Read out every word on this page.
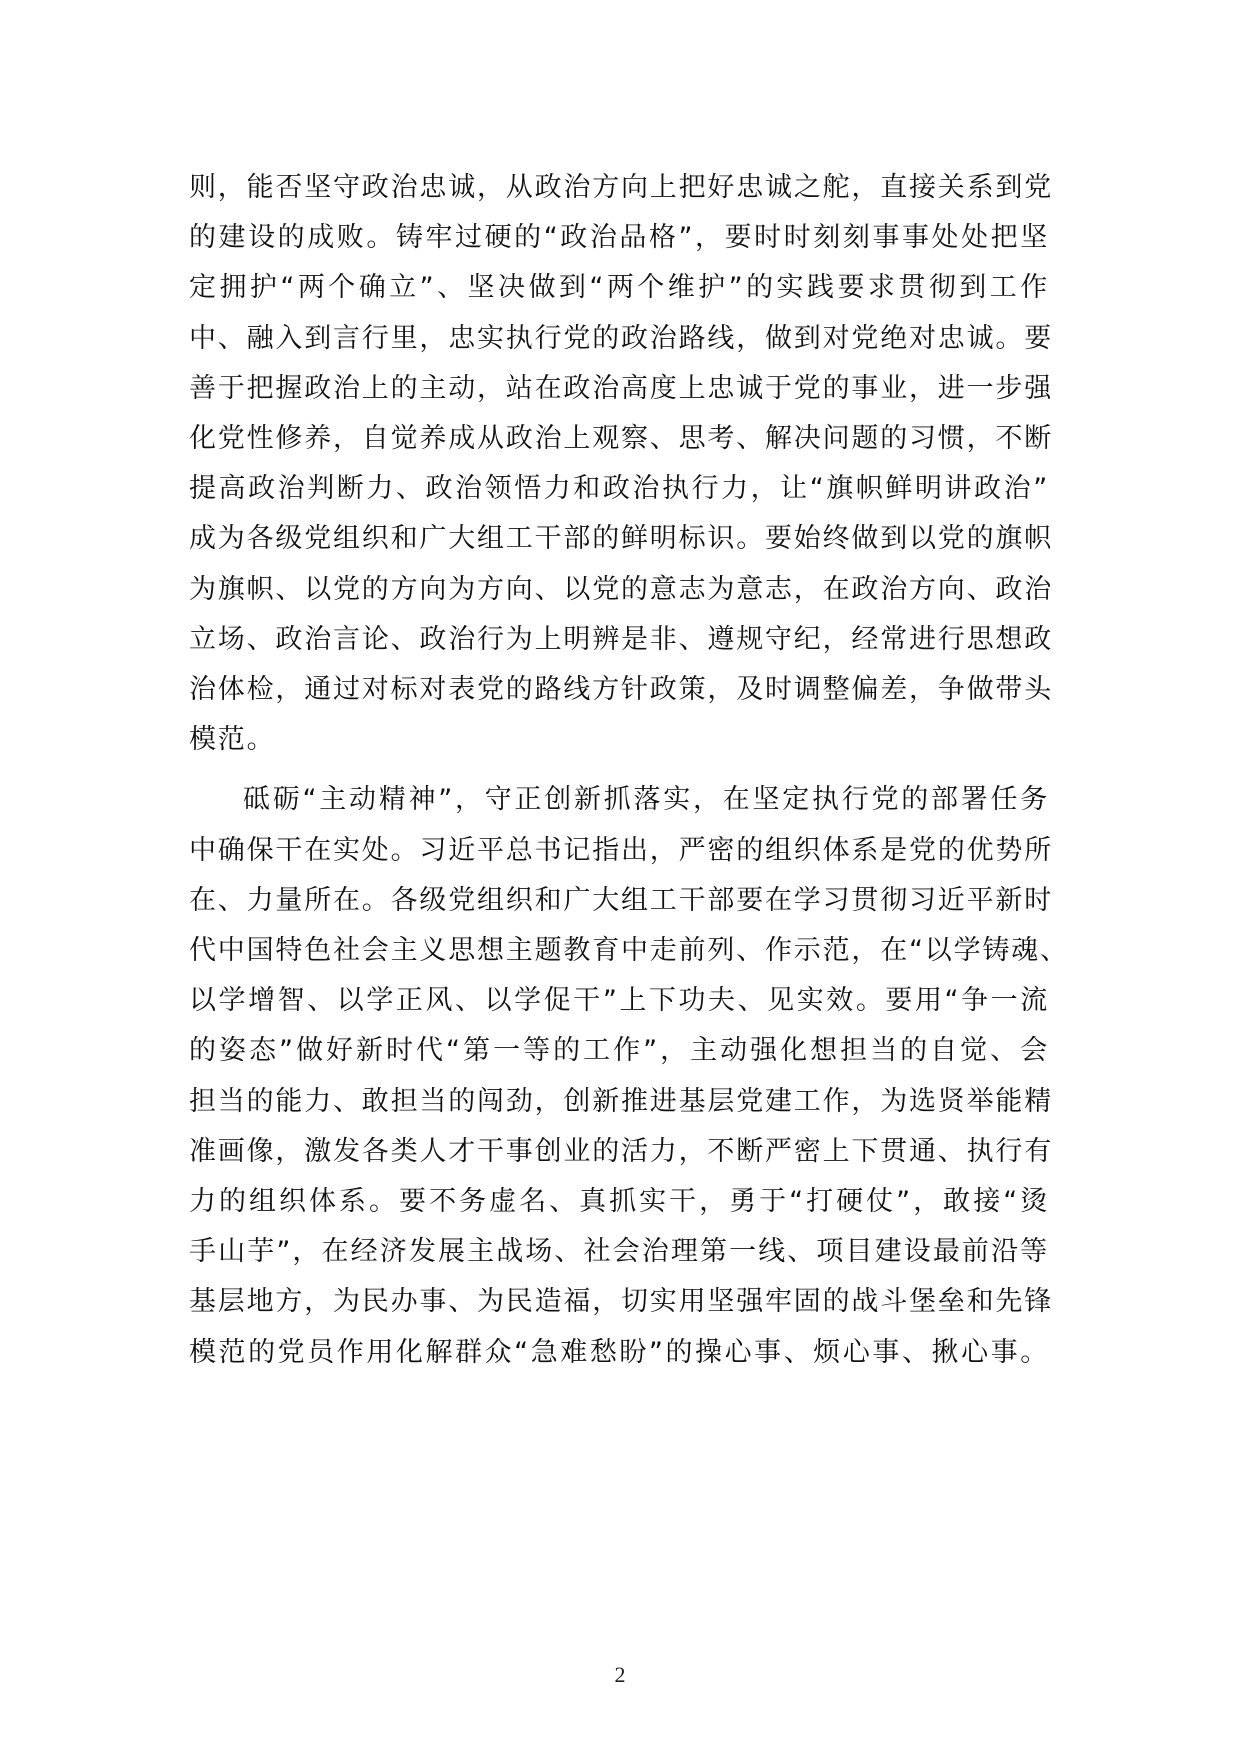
则，能否坚守政治忠诚，从政治方向上把好忠诚之舵，直接关系到党
的建设的成败。铸牢过硬的“政治品格”，要时时刻刻事事处处把坚
定拥护“两个确立”、坚决做到“两个维护”的实践要求贯彻到工作
中、融入到言行里，忠实执行党的政治路线，做到对党绝对忠诚。要
善于把握政治上的主动，站在政治高度上忠诚于党的事业，进一步强
化党性修养，自觉养成从政治上观察、思考、解决问题的习惯，不断
提高政治判断力、政治领悟力和政治执行力，让“旗帜鲜明讲政治”
成为各级党组织和广大组工干部的鲜明标识。要始终做到以党的旗帜
为旗帜、以党的方向为方向、以党的意志为意志，在政治方向、政治
立场、政治言论、政治行为上明辨是非、遵规守纪，经常进行思想政
治体检，通过对标对表党的路线方针政策，及时调整偏差，争做带头
模范。
砥砺“主动精神”，守正创新抓落实，在坚定执行党的部署任务
中确保干在实处。习近平总书记指出，严密的组织体系是党的优势所
在、力量所在。各级党组织和广大组工干部要在学习贯彻习近平新时
代中国特色社会主义思想主题教育中走前列、作示范，在“以学铸魂、
以学增智、以学正风、以学促干”上下功夫、见实效。要用“争一流
的姿态”做好新时代“第一等的工作”，主动强化想担当的自觉、会
担当的能力、敢担当的闯劲，创新推进基层党建工作，为选贤举能精
准画像，激发各类人才干事创业的活力，不断严密上下贯通、执行有
力的组织体系。要不务虚名、真抓实干，勇于“打硬仗”，敢接“烫
手山芋”，在经济发展主战场、社会治理第一线、项目建设最前沿等
基层地方，为民办事、为民造福，切实用坚强牢固的战斗堡垒和先锋
模范的党员作用化解群众“急难愁盼”的操心事、烦心事、揪心事。
2
